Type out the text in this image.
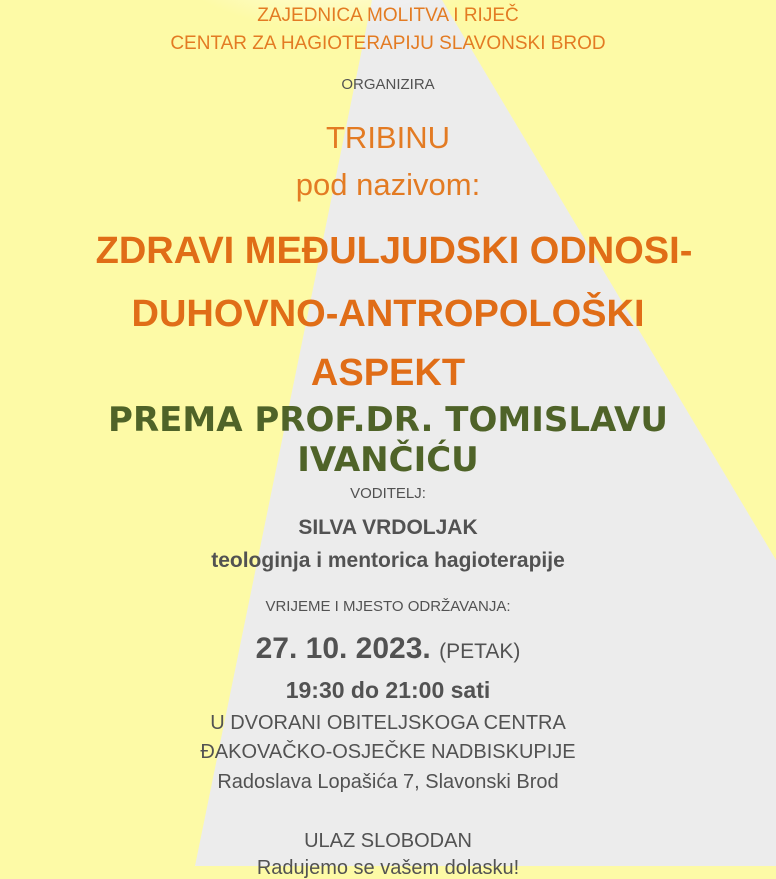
ZAJEDNICA MOLITVA I RIJEČ
CENTAR ZA HAGIOTERAPIJU SLAVONSKI BROD
ORGANIZIRA
TRIBINU
pod nazivom:
ZDRAVI MEĐULJUDSKI ODNOSI-
DUHOVNO-ANTROPOLOŠKI
ASPEKT
PREMA PROF.DR. TOMISLAVU
IVANČIĆU
VODITELJ:
SILVA VRDOLJAK
teologinja i mentorica hagioterapije
VRIJEME I MJESTO ODRŽAVANJA:
27. 10. 2023. (PETAK)
19:30 do 21:00 sati
U DVORANI OBITELJSKOGA CENTRA
ĐAKOVAČKO-OSJEČKE NADBISKUPIJE
Radoslava Lopašića 7, Slavonski Brod
ULAZ SLOBODAN
Radujemo se vašem dolasku!
